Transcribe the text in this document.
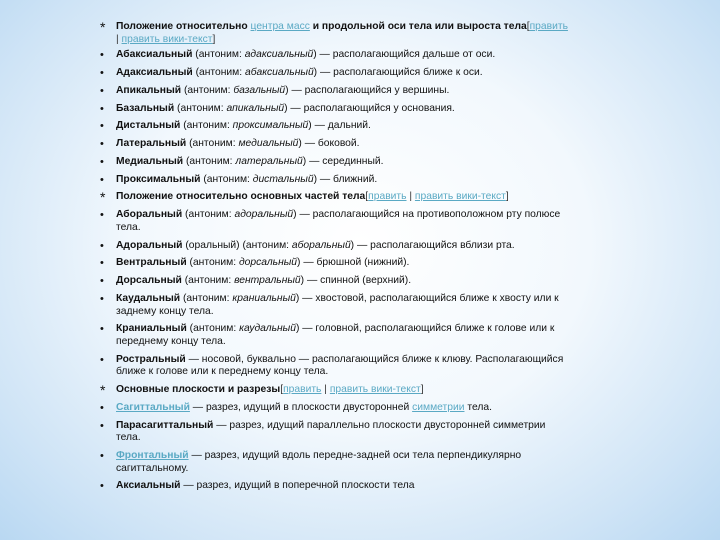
*	Положение относительно центра масс и продольной оси тела или выроста тела[править | править вики-текст]
•	Абаксиальный (антоним: адаксиальный) — располагающийся дальше от оси.
•	Адаксиальный (антоним: абаксиальный) — располагающийся ближе к оси.
•	Апикальный (антоним: базальный) — располагающийся у вершины.
•	Базальный (антоним: апикальный) — располагающийся у основания.
•	Дистальный (антоним: проксимальный) — дальний.
•	Латеральный (антоним: медиальный) — боковой.
•	Медиальный (антоним: латеральный) — серединный.
•	Проксимальный (антоним: дистальный) — ближний.
*	Положение относительно основных частей тела[править | править вики-текст]
•	Аборальный (антоним: адоральный) — располагающийся на противоположном рту полюсе тела.
•	Адоральный (оральный) (антоним: аборальный) — располагающийся вблизи рта.
•	Вентральный (антоним: дорсальный) — брюшной (нижний).
•	Дорсальный (антоним: вентральный) — спинной (верхний).
•	Каудальный (антоним: краниальный) — хвостовой, располагающийся ближе к хвосту или к заднему концу тела.
•	Краниальный (антоним: каудальный) — головной, располагающийся ближе к голове или к переднему концу тела.
•	Ростральный — носовой, буквально — располагающийся ближе к клюву. Располагающийся ближе к голове или к переднему концу тела.
*	Основные плоскости и разрезы[править | править вики-текст]
•	Сагиттальный — разрез, идущий в плоскости двусторонней симметрии тела.
•	Парасагиттальный — разрез, идущий параллельно плоскости двусторонней симметрии тела.
•	Фронтальный — разрез, идущий вдоль передне-задней оси тела перпендикулярно сагиттальному.
•	Аксиальный — разрез, идущий в поперечной плоскости тела
